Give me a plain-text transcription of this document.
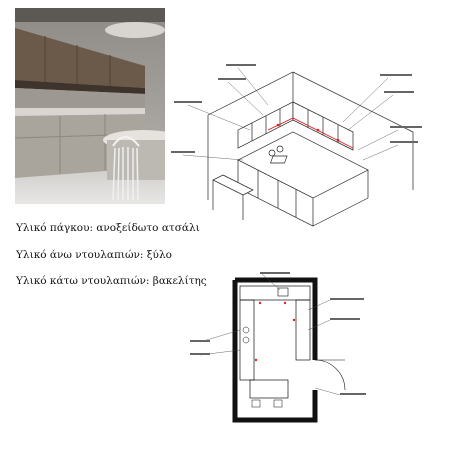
Υλικό πάγκου: ανοξείδωτο ατσάλι
Υλικό άνω ντουλαπιών: ξύλο
Υλικό κάτω ντουλαπιών: βακελίτης
